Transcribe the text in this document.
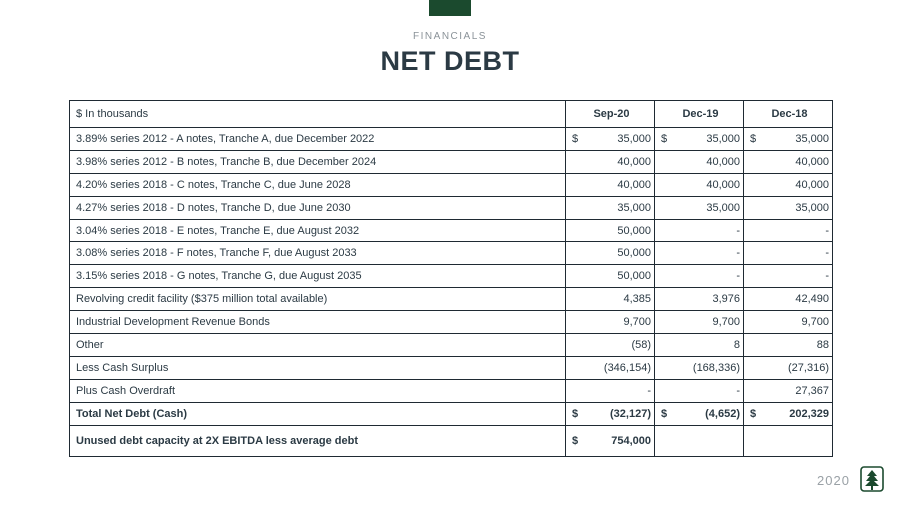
FINANCIALS
NET DEBT
$ In thousands	Sep-20	Dec-19	Dec-18
3.89% series 2012 - A notes, Tranche A, due December 2022	$ 35,000	$ 35,000	$ 35,000

3.98% series 2012 - B notes, Tranche B, due December 2024	40,000	40,000	40,000
4.20% series 2018 - C notes, Tranche C, due June 2028	40,000	40,000	40,000
4.27% series 2018 - D notes, Tranche D, due June 2030	35,000	35,000	35,000
3.04% series 2018 - E notes, Tranche E, due August 2032	50,000	-	-
3.08% series 2018 - F notes, Tranche F, due August 2033	50,000	-	-
3.15% series 2018 - G notes, Tranche G, due August 2035	50,000	-	-
Revolving credit facility ($375 million total available)	4,385	3,976	42,490
Industrial Development Revenue Bonds	9,700	9,700	9,700
Other	(58)	8	88
Less Cash Surplus	(346,154)	(168,336)	(27,316)
Plus Cash Overdraft	-	-	27,367
Total Net Debt (Cash)	$ (32,127)	$ (4,652)	$ 202,329

Unused debt capacity at 2X EBITDA less average debt	$ 754,000		

2020
